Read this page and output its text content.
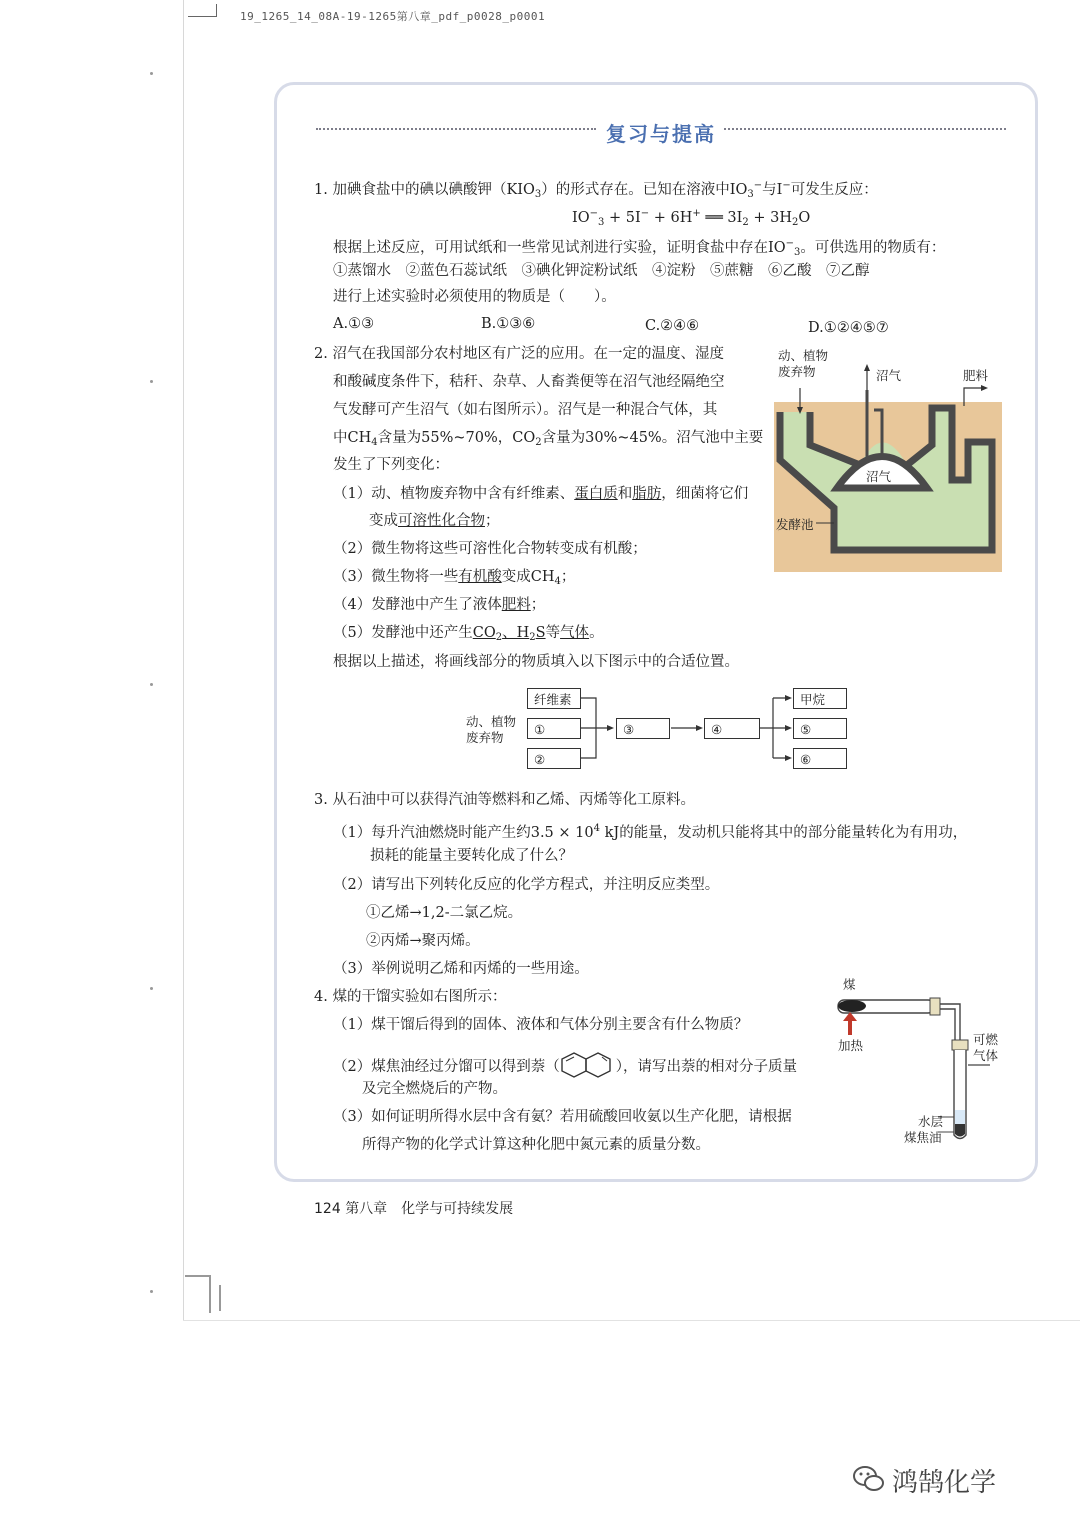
19_1265_14_08A-19-1265第八章_pdf_p0028_p0001
复习与提高
1. 加碘食盐中的碘以碘酸钾$(KIO_3)$的形式存在。已知在溶液中$IO_3^-$与I−可发生反应：
$IO^-_3 + 5I^- + 6H^+$ ══ $3I_2 + 3H_2O$
根据上述反应，可用试纸和一些常见试剂进行实验，证明食盐中存在$IO^-_3$。可供选用的物质有：
①蒸馏水　②蓝色石蕊试纸　③碘化钾淀粉试纸　④淀粉　⑤蔗糖　⑥乙酸　⑦乙醇
进行上述实验时必须使用的物质是（　　）。
A.①③	B.①③⑥	C.②④⑥	D.①②④⑤⑦
2. 沼气在我国部分农村地区有广泛的应用。在一定的温度、湿度
和酸碱度条件下，秸秆、杂草、人畜粪便等在沼气池经隔绝空
气发酵可产生沼气（如右图所示）。沼气是一种混合气体，其
中$CH_4$含量为55%~70%，$CO_2$含量为30%~45%。沼气池中主要
发生了下列变化：
（1）动、植物废弃物中含有纤维素、蛋白质和脂肪，细菌将它们
变成可溶性化合物；
（2）微生物将这些可溶性化合物转变成有机酸；
（3）微生物将一些有机酸变成$CH_4$；
（4）发酵池中产生了液体肥料；
（5）发酵池中还产生$CO_2$、$H_2S$等气体。
根据以上描述，将画线部分的物质填入以下图示中的合适位置。
动、植物
废弃物	沼气	肥料
沼气
发酵池
动、植物
废弃物
纤维素
①
②
③	④
甲烷
⑤
⑥
3. 从石油中可以获得汽油等燃料和乙烯、丙烯等化工原料。
（1）每升汽油燃烧时能产生约$3.5 \times 10^4$ kJ的能量，发动机只能将其中的部分能量转化为有用功，
损耗的能量主要转化成了什么？
（2）请写出下列转化反应的化学方程式，并注明反应类型。
①乙烯→1,2-二氯乙烷。
②丙烯→聚丙烯。
（3）举例说明乙烯和丙烯的一些用途。
4. 煤的干馏实验如右图所示：
（1）煤干馏后得到的固体、液体和气体分别主要含有什么物质？
（2）煤焦油经过分馏可以得到萘（	），请写出萘的相对分子质量
及完全燃烧后的产物。
（3）如何证明所得水层中含有氨？若用硫酸回收氨以生产化肥，请根据
所得产物的化学式计算这种化肥中氮元素的质量分数。
煤
加热	可燃
气体
水层
煤焦油
124 第八章　化学与可持续发展
鸿鹄化学
